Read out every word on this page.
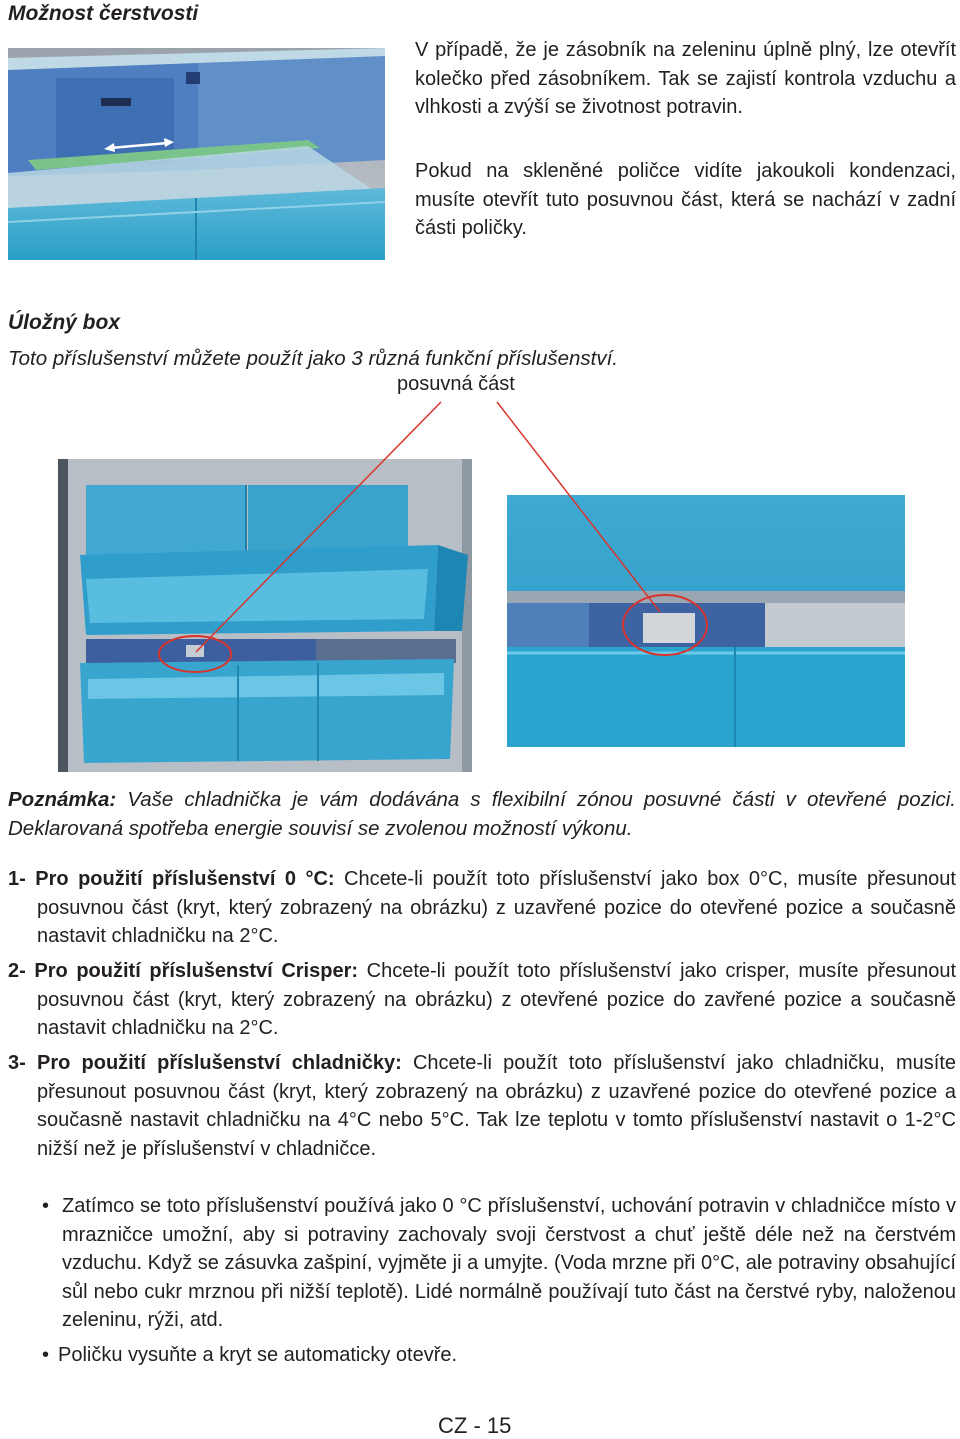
Možnost čerstvosti
V případě, že je zásobník na zeleninu úplně plný, lze otevřít kolečko před zásobníkem. Tak se zajistí kontrola vzduchu a vlhkosti a zvýší se životnost potravin.
Pokud na skleněné poličce vidíte jakoukoli kondenzaci, musíte otevřít tuto posuvnou část, která se nachází v zadní části poličky.
Úložný box
Toto příslušenství můžete použít jako 3 různá funkční příslušenství.
posuvná část
Poznámka: Vaše chladnička je vám dodávána s flexibilní zónou posuvné části v otevřené pozici. Deklarovaná spotřeba energie souvisí se zvolenou možností výkonu.
1- Pro použití příslušenství 0 °C: Chcete-li použít toto příslušenství jako box 0°C, musíte přesunout posuvnou část (kryt, který zobrazený na obrázku) z uzavřené pozice do otevřené pozice a současně nastavit chladničku na 2°C.
2- Pro použití příslušenství Crisper: Chcete-li použít toto příslušenství jako crisper, musíte přesunout posuvnou část (kryt, který zobrazený na obrázku) z otevřené pozice do zavřené pozice a současně nastavit chladničku na 2°C.
3- Pro použití příslušenství chladničky: Chcete-li použít toto příslušenství jako chladničku, musíte přesunout posuvnou část (kryt, který zobrazený na obrázku) z uzavřené pozice do otevřené pozice a současně nastavit chladničku na 4°C nebo 5°C. Tak lze teplotu v tomto příslušenství nastavit o 1-2°C nižší než je příslušenství v chladničce.
• Zatímco se toto příslušenství používá jako 0 °C příslušenství, uchování potravin v chladničce místo v mrazničce umožní, aby si potraviny zachovaly svoji čerstvost a chuť ještě déle než na čerstvém vzduchu. Když se zásuvka zašpiní, vyjměte ji a umyjte. (Voda mrzne při 0°C, ale potraviny obsahující sůl nebo cukr mrznou při nižší teplotě). Lidé normálně používají tuto část na čerstvé ryby, naloženou zeleninu, rýži, atd.
• Poličku vysuňte a kryt se automaticky otevře.
CZ - 15
